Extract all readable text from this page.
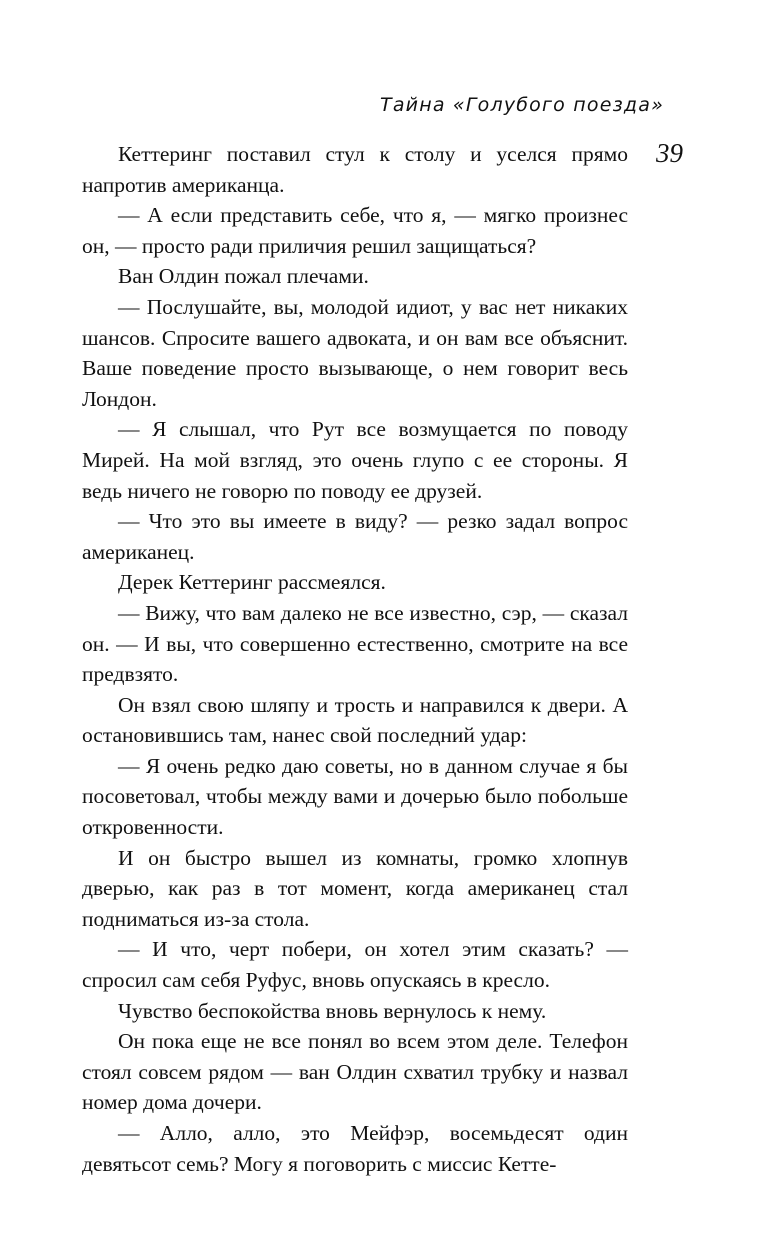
Тайна «Голубого поезда»
39

Кеттеринг поставил стул к столу и уселся прямо напротив американца.

— А если представить себе, что я, — мягко произнес он, — просто ради приличия решил защищаться?

Ван Олдин пожал плечами.

— Послушайте, вы, молодой идиот, у вас нет никаких шансов. Спросите вашего адвоката, и он вам все объяснит. Ваше поведение просто вызывающе, о нем говорит весь Лондон.

— Я слышал, что Рут все возмущается по поводу Мирей. На мой взгляд, это очень глупо с ее стороны. Я ведь ничего не говорю по поводу ее друзей.

— Что это вы имеете в виду? — резко задал вопрос американец.

Дерек Кеттеринг рассмеялся.

— Вижу, что вам далеко не все известно, сэр, — сказал он. — И вы, что совершенно естественно, смотрите на все предвзято.

Он взял свою шляпу и трость и направился к двери. А остановившись там, нанес свой последний удар:

— Я очень редко даю советы, но в данном случае я бы посоветовал, чтобы между вами и дочерью было побольше откровенности.

И он быстро вышел из комнаты, громко хлопнув дверью, как раз в тот момент, когда американец стал подниматься из-за стола.

— И что, черт побери, он хотел этим сказать? — спросил сам себя Руфус, вновь опускаясь в кресло.

Чувство беспокойства вновь вернулось к нему.

Он пока еще не все понял во всем этом деле. Телефон стоял совсем рядом — ван Олдин схватил трубку и назвал номер дома дочери.

— Алло, алло, это Мейфэр, восемьдесят один девятьсот семь? Могу я поговорить с миссис Кетте-
